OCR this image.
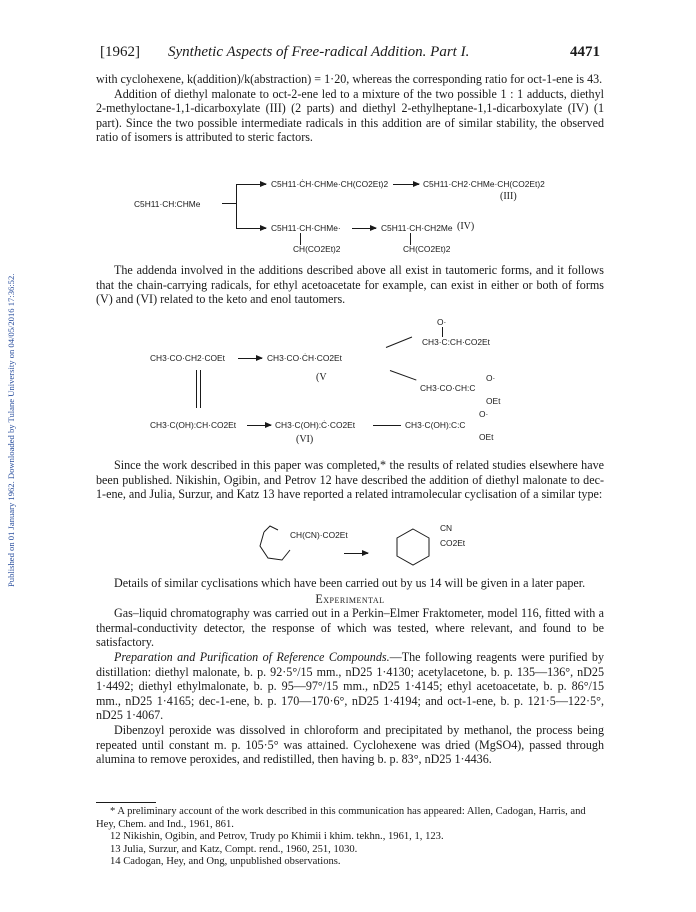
Published on 01 January 1962. Downloaded by Tulane University on 04/05/2016 17:36:52.
[1962] Synthetic Aspects of Free-radical Addition. Part I.	4471

with cyclohexene, k(addition)/k(abstraction) = 1·20, whereas the corresponding ratio for oct-1-ene is 43.

Addition of diethyl malonate to oct-2-ene led to a mixture of the two possible 1 : 1 adducts, diethyl 2-methyloctane-1,1-dicarboxylate (III) (2 parts) and diethyl 2-ethylheptane-1,1-dicarboxylate (IV) (1 part). Since the two possible intermediate radicals in this addition are of similar stability, the observed ratio of isomers is attributed to steric factors.

C5H11·CH:CHMe
C5H11·ĊH·CHMe·CH(CO2Et)2	C5H11·CH2·CHMe·CH(CO2Et)2
(III)
C5H11·CH·CHMe·
CH(CO2Et)2
C5H11·CH·CH2Me
CH(CO2Et)2
(IV)

The addenda involved in the additions described above all exist in tautomeric forms, and it follows that the chain-carrying radicals, for ethyl acetoacetate for example, can exist in either or both of forms (V) and (VI) related to the keto and enol tautomers.

O·
CH3·C:CH·CO2Et
CH3·CO·CH2·COEt	CH3·CO·ĊH·CO2Et
(V
CH3·CO·CH:C
O·
OEt
CH3·C(OH):CH·CO2Et	CH3·C(OH):Ċ·CO2Et	CH3·C(OH):C:C
O·
OEt
(VI)

Since the work described in this paper was completed,* the results of related studies elsewhere have been published. Nikishin, Ogibin, and Petrov 12 have described the addition of diethyl malonate to dec-1-ene, and Julia, Surzur, and Katz 13 have reported a related intramolecular cyclisation of a similar type:

CH(CN)·CO2Et
CN
CO2Et

Details of similar cyclisations which have been carried out by us 14 will be given in a later paper.

Experimental

Gas–liquid chromatography was carried out in a Perkin–Elmer Fraktometer, model 116, fitted with a thermal-conductivity detector, the response of which was tested, where relevant, and found to be satisfactory.

Preparation and Purification of Reference Compounds.—The following reagents were purified by distillation: diethyl malonate, b. p. 92·5°/15 mm., nD25 1·4130; acetylacetone, b. p. 135—136°, nD25 1·4492; diethyl ethylmalonate, b. p. 95—97°/15 mm., nD25 1·4145; ethyl acetoacetate, b. p. 86°/15 mm., nD25 1·4165; dec-1-ene, b. p. 170—170·6°, nD25 1·4194; and oct-1-ene, b. p. 121·5—122·5°, nD25 1·4067.

Dibenzoyl peroxide was dissolved in chloroform and precipitated by methanol, the process being repeated until constant m. p. 105·5° was attained. Cyclohexene was dried (MgSO4), passed through alumina to remove peroxides, and redistilled, then having b. p. 83°, nD25 1·4436.

* A preliminary account of the work described in this communication has appeared: Allen, Cadogan, Harris, and Hey, Chem. and Ind., 1961, 861.

12 Nikishin, Ogibin, and Petrov, Trudy po Khimii i khim. tekhn., 1961, 1, 123.

13 Julia, Surzur, and Katz, Compt. rend., 1960, 251, 1030.

14 Cadogan, Hey, and Ong, unpublished observations.
